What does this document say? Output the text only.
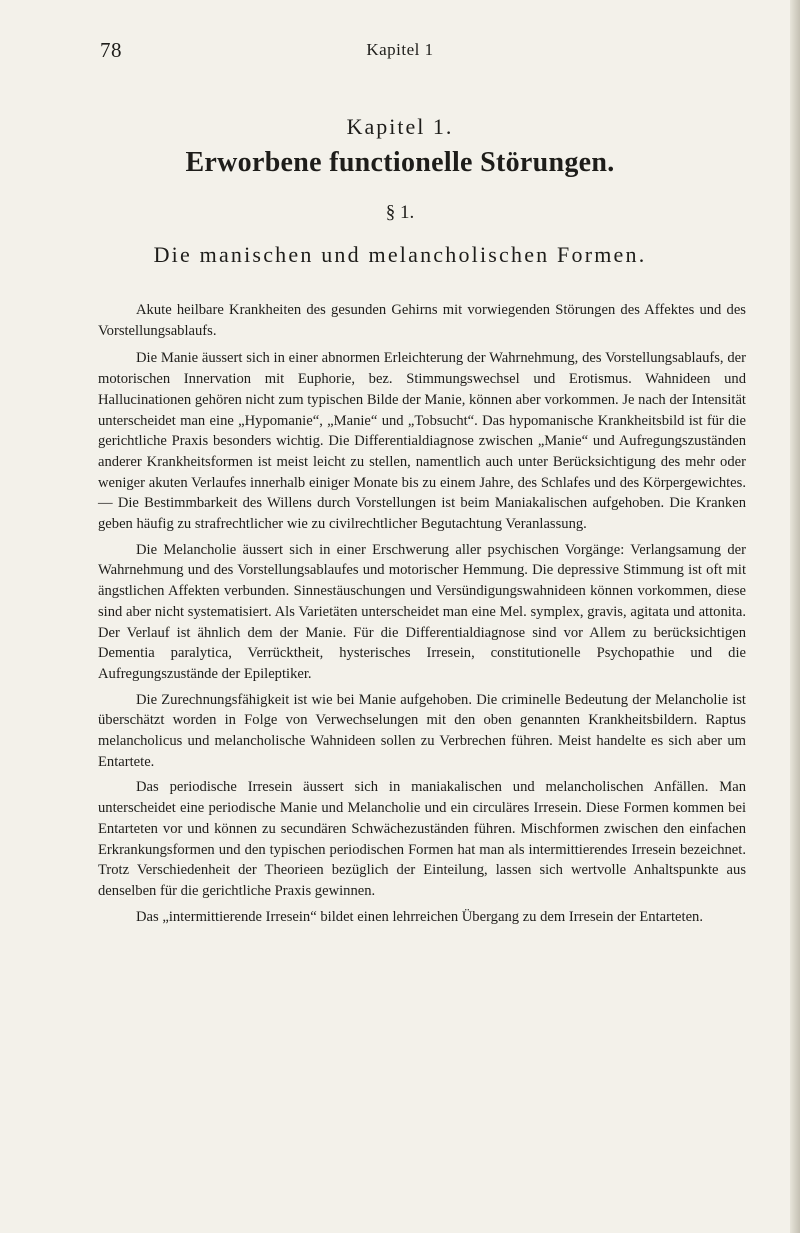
78	Kapitel 1
Kapitel 1.
Erworbene functionelle Störungen.
§ 1.
Die manischen und melancholischen Formen.

Akute heilbare Krankheiten des gesunden Gehirns mit vorwiegenden Störungen des Affektes und des Vorstellungsablaufs.

Die Manie äussert sich in einer abnormen Erleichterung der Wahrnehmung, des Vorstellungsablaufs, der motorischen Innervation mit Euphorie, bez. Stimmungswechsel und Erotismus. Wahnideen und Hallucinationen gehören nicht zum typischen Bilde der Manie, können aber vorkommen. Je nach der Intensität unterscheidet man eine „Hypomanie“, „Manie“ und „Tobsucht“. Das hypomanische Krankheitsbild ist für die gerichtliche Praxis besonders wichtig. Die Differentialdiagnose zwischen „Manie“ und Aufregungszuständen anderer Krankheitsformen ist meist leicht zu stellen, namentlich auch unter Berücksichtigung des mehr oder weniger akuten Verlaufes innerhalb einiger Monate bis zu einem Jahre, des Schlafes und des Körpergewichtes. — Die Bestimmbarkeit des Willens durch Vorstellungen ist beim Maniakalischen aufgehoben. Die Kranken geben häufig zu strafrechtlicher wie zu civilrechtlicher Begutachtung Veranlassung.

Die Melancholie äussert sich in einer Erschwerung aller psychischen Vorgänge: Verlangsamung der Wahrnehmung und des Vorstellungsablaufes und motorischer Hemmung. Die depressive Stimmung ist oft mit ängstlichen Affekten verbunden. Sinnestäuschungen und Versündigungswahnideen können vorkommen, diese sind aber nicht systematisiert. Als Varietäten unterscheidet man eine Mel. symplex, gravis, agitata und attonita. Der Verlauf ist ähnlich dem der Manie. Für die Differentialdiagnose sind vor Allem zu berücksichtigen Dementia paralytica, Verrücktheit, hysterisches Irresein, constitutionelle Psychopathie und die Aufregungszustände der Epileptiker.

Die Zurechnungsfähigkeit ist wie bei Manie aufgehoben. Die criminelle Bedeutung der Melancholie ist überschätzt worden in Folge von Verwechselungen mit den oben genannten Krankheitsbildern. Raptus melancholicus und melancholische Wahnideen sollen zu Verbrechen führen. Meist handelte es sich aber um Entartete.

Das periodische Irresein äussert sich in maniakalischen und melancholischen Anfällen. Man unterscheidet eine periodische Manie und Melancholie und ein circuläres Irresein. Diese Formen kommen bei Entarteten vor und können zu secundären Schwächezuständen führen. Mischformen zwischen den einfachen Erkrankungsformen und den typischen periodischen Formen hat man als intermittierendes Irresein bezeichnet. Trotz Verschiedenheit der Theorieen bezüglich der Einteilung, lassen sich wertvolle Anhaltspunkte aus denselben für die gerichtliche Praxis gewinnen.

Das „intermittierende Irresein“ bildet einen lehrreichen Übergang zu dem Irresein der Entarteten.
